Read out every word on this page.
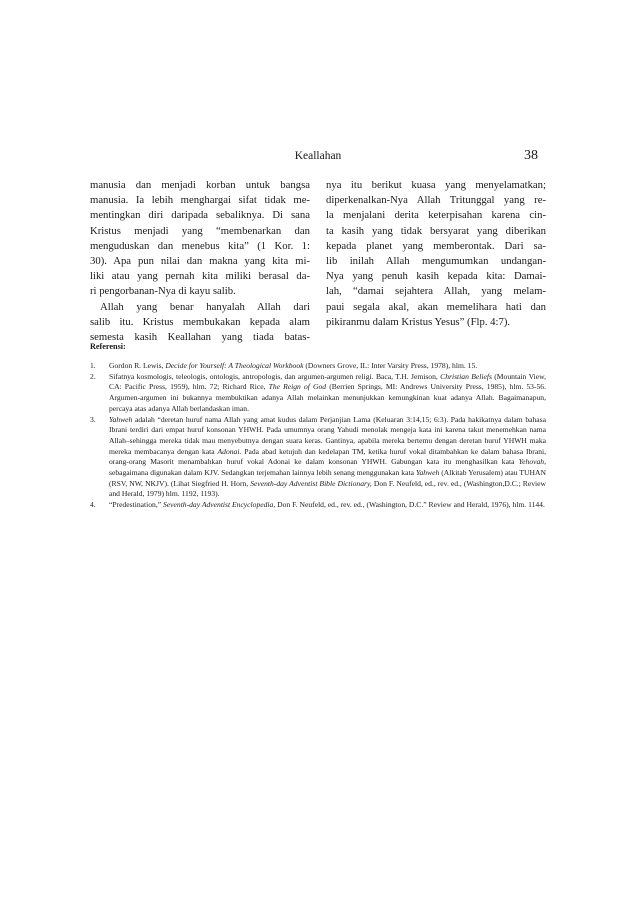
Keallahan	38

manusia dan menjadi korban untuk bangsa

manusia. Ia lebih menghargai sifat tidak me-

mentingkan diri daripada sebaliknya. Di sana

Kristus menjadi yang “membenarkan dan

menguduskan dan menebus kita” (1 Kor. 1:

30). Apa pun nilai dan makna yang kita mi-

liki atau yang pernah kita miliki berasal da-

ri pengorbanan-Nya di kayu salib.

Allah yang benar hanyalah Allah dari

salib itu. Kristus membukakan kepada alam

semesta kasih Keallahan yang tiada batas-

nya itu berikut kuasa yang menyelamatkan;

diperkenalkan-Nya Allah Tritunggal yang re-

la menjalani derita keterpisahan karena cin-

ta kasih yang tidak bersyarat yang diberikan

kepada planet yang memberontak. Dari sa-

lib inilah Allah mengumumkan undangan-

Nya yang penuh kasih kepada kita: Damai-

lah, “damai sejahtera Allah, yang melam-

paui segala akal, akan memelihara hati dan

pikiranmu dalam Kristus Yesus” (Flp. 4:7).

Referensi:

1. Gordon R. Lewis, Decide for Yourself: A Theological Workbook (Downers Grove, IL: Inter Varsity Press, 1978), hlm. 15.

2. Sifatnya kosmologis, teleologis, ontologis, antropologis, dan argumen-argumen religi. Baca, T.H. Jemison, Christian Beliefs (Mountain View, CA: Pacific Press, 1959), hlm. 72; Richard Rice, The Reign of God (Berrien Springs, MI: Andrews University Press, 1985), hlm. 53-56. Argumen-argumen ini bukannya membuktikan adanya Allah melainkan menunjukkan kemungkinan kuat adanya Allah. Bagaimanapun, percaya atas adanya Allah berlandaskan iman.

3. Yahweh adalah “deretan huruf nama Allah yang amat kudus dalam Perjanjian Lama (Keluaran 3:14,15; 6:3). Pada hakikatnya dalam bahasa Ibrani terdiri dari empat huruf konsonan YHWH. Pada umumnya orang Yahudi menolak mengeja kata ini karena takut menemehkan nama Allah–sehingga mereka tidak mau menyebutnya dengan suara keras. Gantinya, apabila mereka bertemu dengan deretan huruf YHWH maka mereka membacanya dengan kata Adonai. Pada abad ketujuh dan kedelapan TM, ketika huruf vokal ditambahkan ke dalam bahasa Ibrani, orang-orang Masorit menambahkan huruf vokal Adonai ke dalam konsonan YHWH. Gabungan kata itu menghasilkan kata Yehovah, sebagaimana digunakan dalam KJV. Sedangkan terjemahan lainnya lebih senang menggunakan kata Yahweh (Alkitab Yerusalem) atau TUHAN (RSV, NW, NKJV). (Lihat Siegfried H. Horn, Seventh-day Adventist Bible Dictionary, Don F. Neufeld, ed., rev. ed., (Washington,D.C.; Review and Herald, 1979) hlm. 1192, 1193).

4. “Predestination,” Seventh-day Adventist Encyclopedia, Don F. Neufeld, ed., rev. ed., (Washington, D.C.” Review and Herald, 1976), hlm. 1144.
